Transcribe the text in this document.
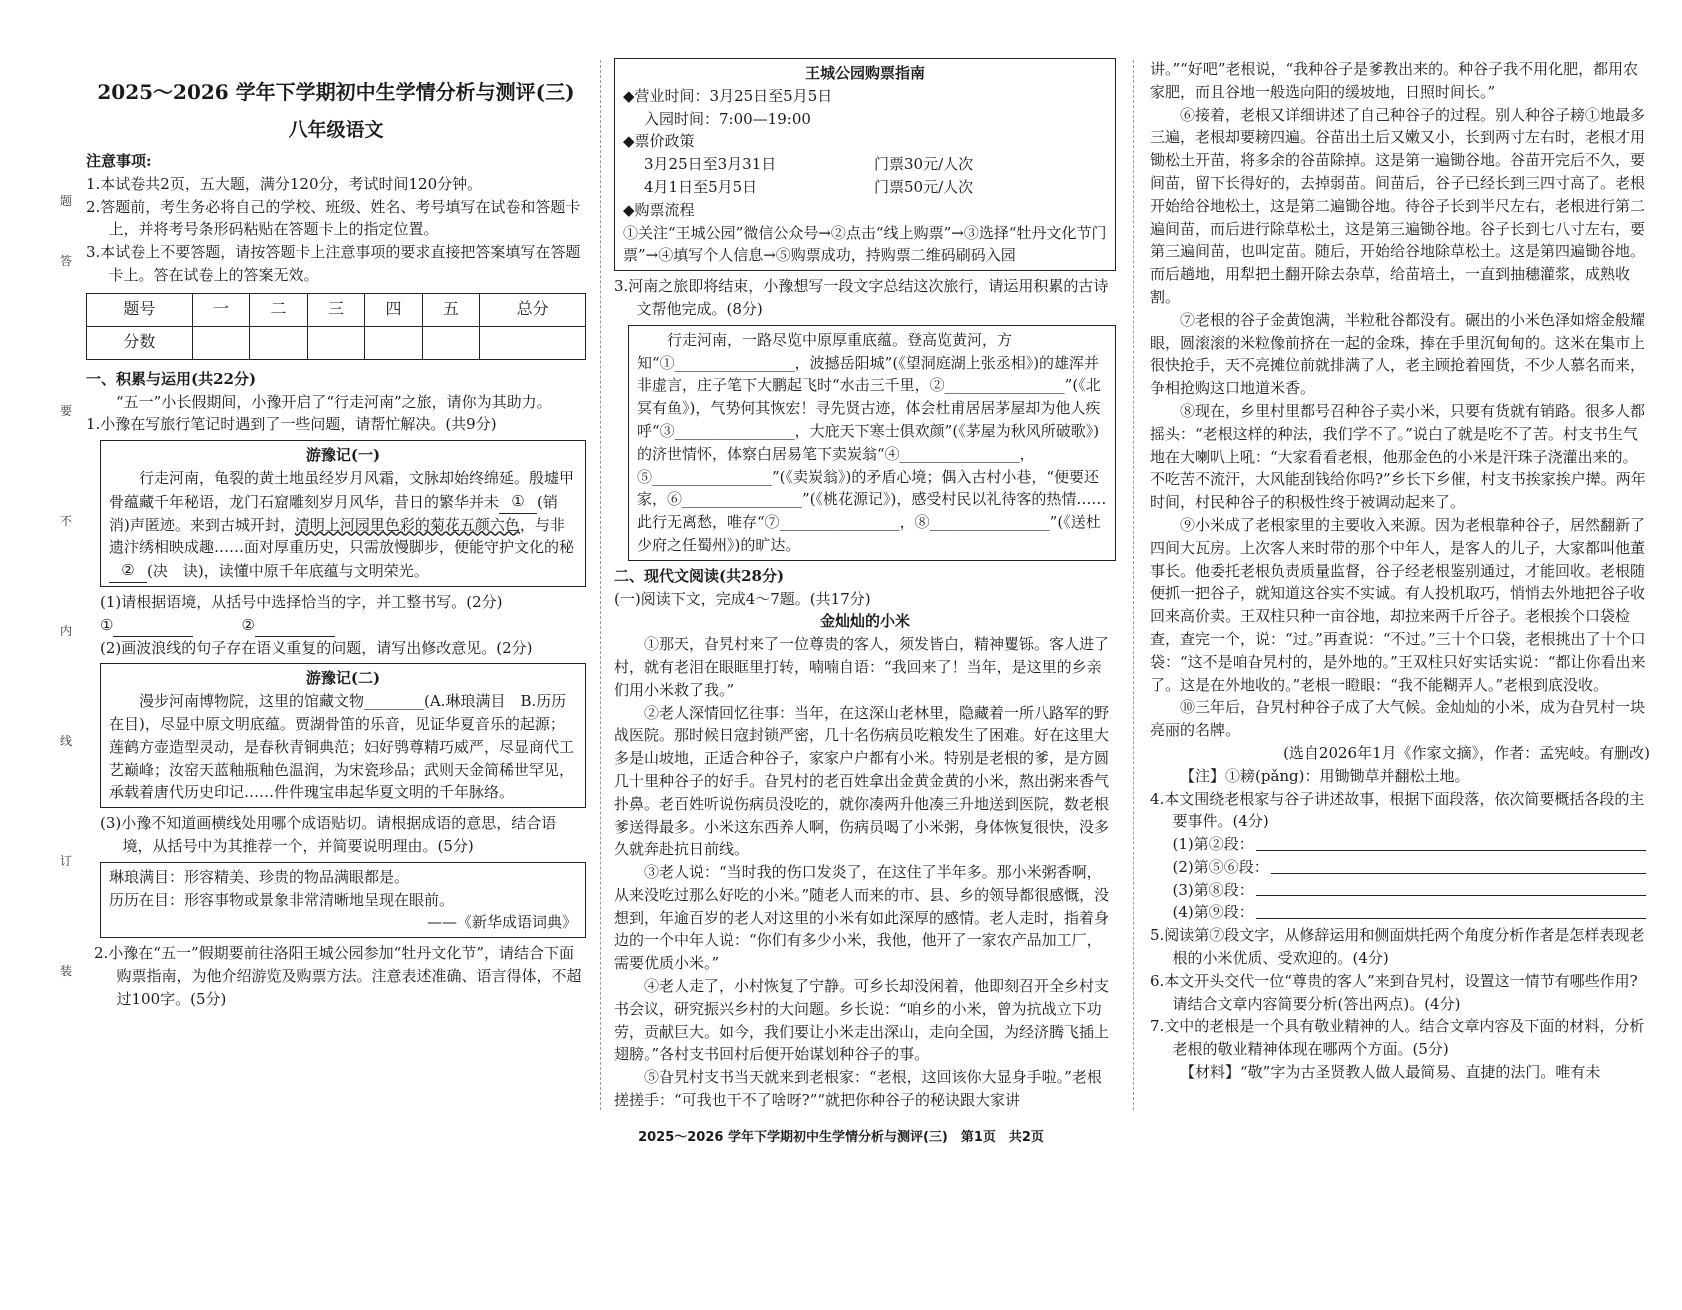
题
答
要
不
内
线
订
装
2025～2026 学年下学期初中生学情分析与测评(三)
八年级语文

注意事项:

1.本试卷共2页，五大题，满分120分，考试时间120分钟。

2.答题前，考生务必将自己的学校、班级、姓名、考号填写在试卷和答题卡上，并将考号条形码粘贴在答题卡上的指定位置。

3.本试卷上不要答题，请按答题卡上注意事项的要求直接把答案填写在答题卡上。答在试卷上的答案无效。

题号	一	二	三	四	五	总分
分数						

一、积累与运用(共22分)

“五一”小长假期间，小豫开启了“行走河南”之旅，请你为其助力。

1.小豫在写旅行笔记时遇到了一些问题，请帮忙解决。(共9分)

游豫记(一)

行走河南，龟裂的黄土地虽经岁月风霜，文脉却始终绵延。殷墟甲骨蕴藏千年秘语，龙门石窟雕刻岁月风华，昔日的繁华并未 ① (销　消)声匿迹。来到古城开封，清明上河园里色彩的菊花五颜六色，与非遗汴绣相映成趣……面对厚重历史，只需放慢脚步，便能守护文化的秘② (决　诀)，读懂中原千年底蕴与文明荣光。

(1)请根据语境，从括号中选择恰当的字，并工整书写。(2分)

①	②

(2)画波浪线的句子存在语义重复的问题，请写出修改意见。(2分)

游豫记(二)

漫步河南博物院，这里的馆藏文物________(A.琳琅满目　B.历历在目)，尽显中原文明底蕴。贾湖骨笛的乐音，见证华夏音乐的起源；莲鹤方壶造型灵动，是春秋青铜典范；妇好鸮尊精巧威严，尽显商代工艺巅峰；汝窑天蓝釉瓶釉色温润，为宋瓷珍品；武则天金简稀世罕见，承载着唐代历史印记……件件瑰宝串起华夏文明的千年脉络。

(3)小豫不知道画横线处用哪个成语贴切。请根据成语的意思，结合语境，从括号中为其推荐一个，并简要说明理由。(5分)

琳琅满目：形容精美、珍贵的物品满眼都是。

历历在目：形容事物或景象非常清晰地呈现在眼前。

——《新华成语词典》

2.小豫在“五一”假期要前往洛阳王城公园参加“牡丹文化节”，请结合下面购票指南，为他介绍游览及购票方法。注意表述准确、语言得体，不超过100字。(5分)

王城公园购票指南

◆营业时间：3月25日至5月5日

入园时间：7:00—19:00

◆票价政策

3月25日至3月31日	门票30元/人次
4月1日至5月5日	门票50元/人次

◆购票流程

①关注“王城公园”微信公众号→②点击“线上购票”→③选择“牡丹文化节门票”→④填写个人信息→⑤购票成功，持购票二维码刷码入园

3.河南之旅即将结束，小豫想写一段文字总结这次旅行，请运用积累的古诗文帮他完成。(8分)

行走河南，一路尽览中原厚重底蕴。登高览黄河，方知“①________________，波撼岳阳城”(《望洞庭湖上张丞相》)的雄浑并非虚言，庄子笔下大鹏起飞时“水击三千里，②________________”(《北冥有鱼》)，气势何其恢宏！寻先贤古迹，体会杜甫居居茅屋却为他人疾呼“③________________，大庇天下寒士俱欢颜”(《茅屋为秋风所破歌》)的济世情怀，体察白居易笔下卖炭翁“④________________，⑤________________”(《卖炭翁》)的矛盾心境；偶入古村小巷，“便要还家，⑥________________”(《桃花源记》)，感受村民以礼待客的热情……此行无离愁，唯存“⑦________________，⑧________________”(《送杜少府之任蜀州》)的旷达。

二、现代文阅读(共28分)

(一)阅读下文，完成4～7题。(共17分)

金灿灿的小米

①那天，旮旯村来了一位尊贵的客人，须发皆白，精神矍铄。客人进了村，就有老泪在眼眶里打转，喃喃自语：“我回来了！当年，是这里的乡亲们用小米救了我。”

②老人深情回忆往事：当年，在这深山老林里，隐藏着一所八路军的野战医院。那时候日寇封锁严密，几十名伤病员吃粮发生了困难。好在这里大多是山坡地，正适合种谷子，家家户户都有小米。特别是老根的爹，是方圆几十里种谷子的好手。旮旯村的老百姓拿出金黄金黄的小米，熬出粥来香气扑鼻。老百姓听说伤病员没吃的，就你凑两升他凑三升地送到医院，数老根爹送得最多。小米这东西养人啊，伤病员喝了小米粥，身体恢复很快，没多久就奔赴抗日前线。

③老人说：“当时我的伤口发炎了，在这住了半年多。那小米粥香啊，从来没吃过那么好吃的小米。”随老人而来的市、县、乡的领导都很感慨，没想到，年逾百岁的老人对这里的小米有如此深厚的感情。老人走时，指着身边的一个中年人说：“你们有多少小米，我他，他开了一家农产品加工厂，需要优质小米。”

④老人走了，小村恢复了宁静。可乡长却没闲着，他即刻召开全乡村支书会议，研究振兴乡村的大问题。乡长说：“咱乡的小米，曾为抗战立下功劳，贡献巨大。如今，我们要让小米走出深山，走向全国，为经济腾飞插上翅膀。”各村支书回村后便开始谋划种谷子的事。

⑤旮旯村支书当天就来到老根家：“老根，这回该你大显身手啦。”老根搓搓手：“可我也干不了啥呀?”“就把你种谷子的秘诀跟大家讲

讲。”“好吧”老根说，“我种谷子是爹教出来的。种谷子我不用化肥，都用农家肥，而且谷地一般选向阳的缓坡地，日照时间长。”

⑥接着，老根又详细讲述了自己种谷子的过程。别人种谷子耪①地最多三遍，老根却要耪四遍。谷苗出土后又嫩又小，长到两寸左右时，老根才用锄松土开苗，将多余的谷苗除掉。这是第一遍锄谷地。谷苗开完后不久，要间苗，留下长得好的，去掉弱苗。间苗后，谷子已经长到三四寸高了。老根开始给谷地松土，这是第二遍锄谷地。待谷子长到半尺左右，老根进行第二遍间苗，而后进行除草松土，这是第三遍锄谷地。谷子长到七八寸左右，要第三遍间苗，也叫定苗。随后，开始给谷地除草松土。这是第四遍锄谷地。而后趟地，用犁把土翻开除去杂草，给苗培土，一直到抽穗灌浆，成熟收割。

⑦老根的谷子金黄饱满，半粒秕谷都没有。碾出的小米色泽如熔金般耀眼，圆滚滚的米粒像前挤在一起的金珠，捧在手里沉甸甸的。这米在集市上很快抢手，天不亮摊位前就排满了人，老主顾抢着囤货，不少人慕名而来，争相抢购这口地道米香。

⑧现在，乡里村里都号召种谷子卖小米，只要有货就有销路。很多人都摇头：“老根这样的种法，我们学不了。”说白了就是吃不了苦。村支书生气地在大喇叭上吼：“大家看看老根，他那金色的小米是汗珠子浇灌出来的。不吃苦不流汗，大风能刮钱给你吗?”乡长下乡催，村支书挨家挨户撵。两年时间，村民种谷子的积极性终于被调动起来了。

⑨小米成了老根家里的主要收入来源。因为老根靠种谷子，居然翻新了四间大瓦房。上次客人来时带的那个中年人，是客人的儿子，大家都叫他董事长。他委托老根负责质量监督，谷子经老根鉴别通过，才能回收。老根随便抓一把谷子，就知道这谷实不实诚。有人投机取巧，悄悄去外地把谷子收回来高价卖。王双柱只种一亩谷地，却拉来两千斤谷子。老根挨个口袋检查，查完一个，说：“过。”再查说：“不过。”三十个口袋，老根挑出了十个口袋：“这不是咱旮旯村的，是外地的。”王双柱只好实话实说：“都让你看出来了。这是在外地收的。”老根一瞪眼：“我不能糊弄人。”老根到底没收。

⑩三年后，旮旯村种谷子成了大气候。金灿灿的小米，成为旮旯村一块亮丽的名牌。

(选自2026年1月《作家文摘》，作者：孟宪岐。有删改)

【注】①耪(pǎng)：用锄锄草并翻松土地。

4.本文围绕老根家与谷子讲述故事，根据下面段落，依次简要概括各段的主要事件。(4分)

(1)第②段：
(2)第⑤⑥段：
(3)第⑧段：
(4)第⑨段：

5.阅读第⑦段文字，从修辞运用和侧面烘托两个角度分析作者是怎样表现老根的小米优质、受欢迎的。(4分)

6.本文开头交代一位“尊贵的客人”来到旮旯村，设置这一情节有哪些作用?请结合文章内容简要分析(答出两点)。(4分)

7.文中的老根是一个具有敬业精神的人。结合文章内容及下面的材料，分析老根的敬业精神体现在哪两个方面。(5分)

【材料】“敬”字为古圣贤教人做人最简易、直捷的法门。唯有未

2025～2026 学年下学期初中生学情分析与测评(三)　第1页　共2页
